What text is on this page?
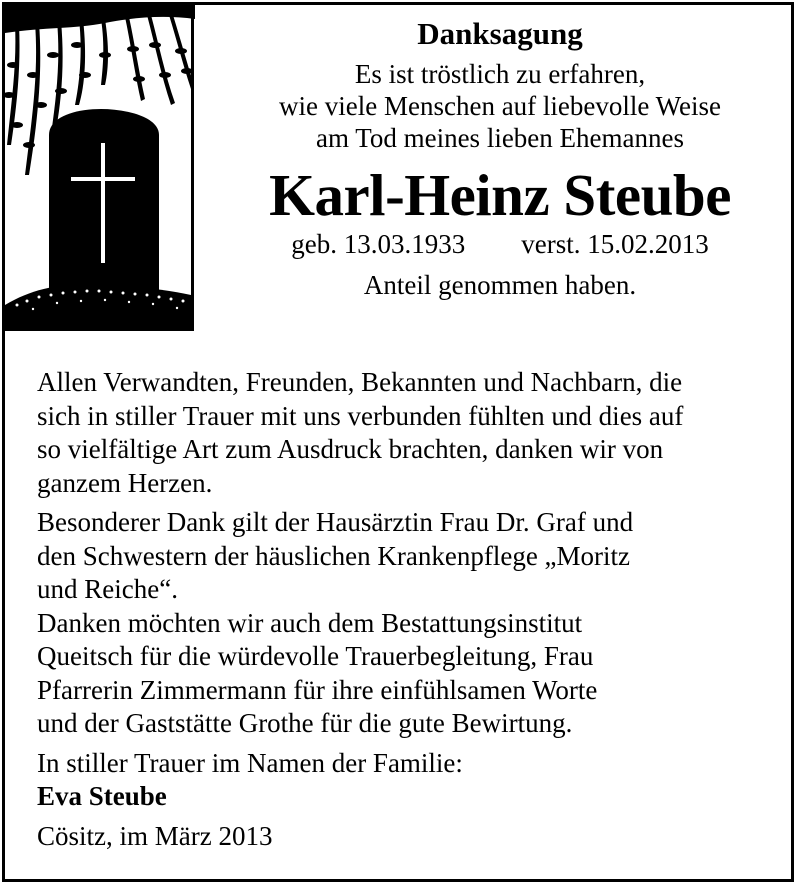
Danksagung
Es ist tröstlich zu erfahren,
wie viele Menschen auf liebevolle Weise
am Tod meines lieben Ehemannes
Karl-Heinz Steube
geb. 13.03.1933 verst. 15.02.2013
Anteil genommen haben.
Allen Verwandten, Freunden, Bekannten und Nachbarn, die
sich in stiller Trauer mit uns verbunden fühlten und dies auf
so vielfältige Art zum Ausdruck brachten, danken wir von
ganzem Herzen.
Besonderer Dank gilt der Hausärztin Frau Dr. Graf und
den Schwestern der häuslichen Krankenpflege „Moritz
und Reiche“.
Danken möchten wir auch dem Bestattungsinstitut
Queitsch für die würdevolle Trauerbegleitung, Frau
Pfarrerin Zimmermann für ihre einfühlsamen Worte
und der Gaststätte Grothe für die gute Bewirtung.
In stiller Trauer im Namen der Familie:
Eva Steube
Cösitz, im März 2013
